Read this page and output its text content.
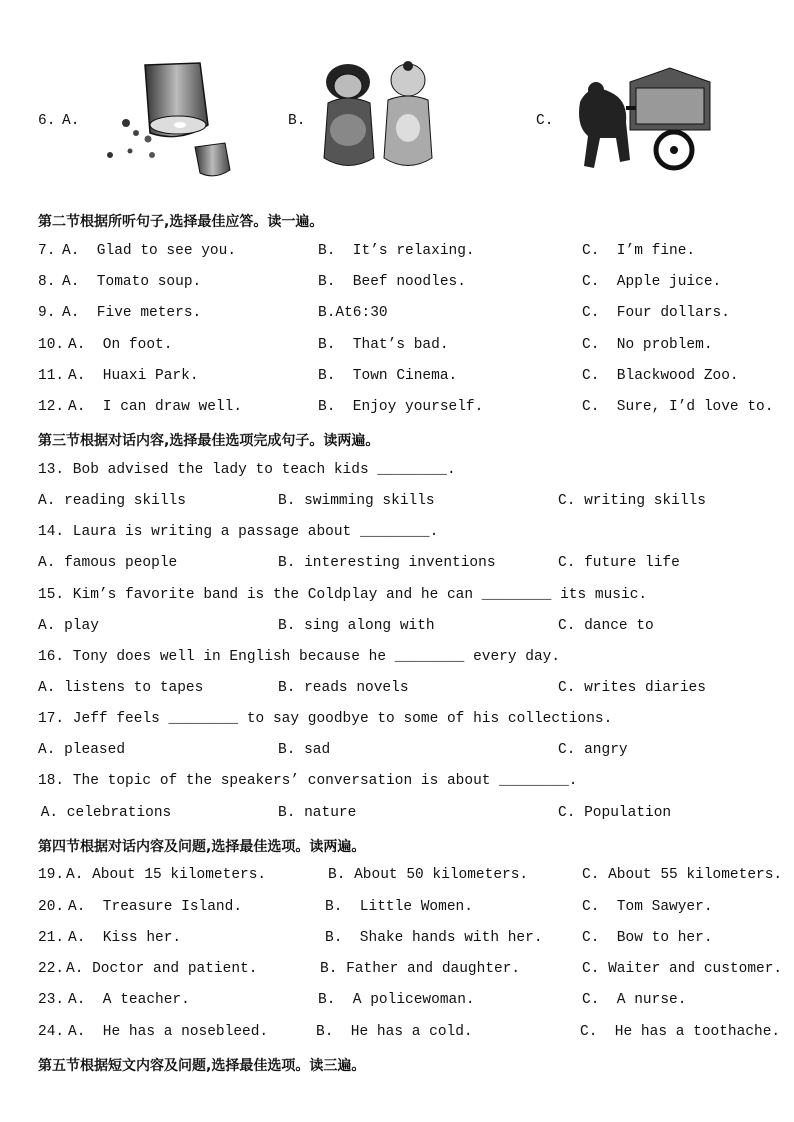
6. A.	B.	C.
第二节根据所听句子,选择最佳应答。读一遍。
7. A.  Glad to see you.	B.  It’s relaxing.	C.  I’m fine.
8. A.  Tomato soup.	B.  Beef noodles.	C.  Apple juice.
9. A.  Five meters.	B.At6:30	C.  Four dollars.
10. A.  On foot.	B.  That’s bad.	C.  No problem.
11. A.  Huaxi Park.	B.  Town Cinema.	C.  Blackwood Zoo.
12. A.  I can draw well.	B.  Enjoy yourself.	C.  Sure, I’d love to.
第三节根据对话内容,选择最佳选项完成句子。读两遍。
13. Bob advised the lady to teach kids ________.
A. reading skills	B. swimming skills	C. writing skills
14. Laura is writing a passage about ________.
A. famous people	B. interesting inventions	C. future life
15. Kim’s favorite band is the Coldplay and he can ________ its music.
A. play	B. sing along with	C. dance to
16. Tony does well in English because he ________ every day.
A. listens to tapes	B. reads novels	C. writes diaries
17. Jeff feels ________ to say goodbye to some of his collections.
A. pleased	B. sad	C. angry
18. The topic of the speakers’ conversation is about ________.
A. celebrations	B. nature	C. Population
第四节根据对话内容及问题,选择最佳选项。读两遍。
19. A. About 15 kilometers.	B. About 50 kilometers.	C. About 55 kilometers.
20. A.  Treasure Island.	B.  Little Women.	C.  Tom Sawyer.
21. A.  Kiss her.	B.  Shake hands with her.	C.  Bow to her.
22. A. Doctor and patient.	B. Father and daughter.	C. Waiter and customer.
23. A.  A teacher.	B.  A policewoman.	C.  A nurse.
24. A.  He has a nosebleed.	B.  He has a cold.	C.  He has a toothache.
第五节根据短文内容及问题,选择最佳选项。读三遍。
